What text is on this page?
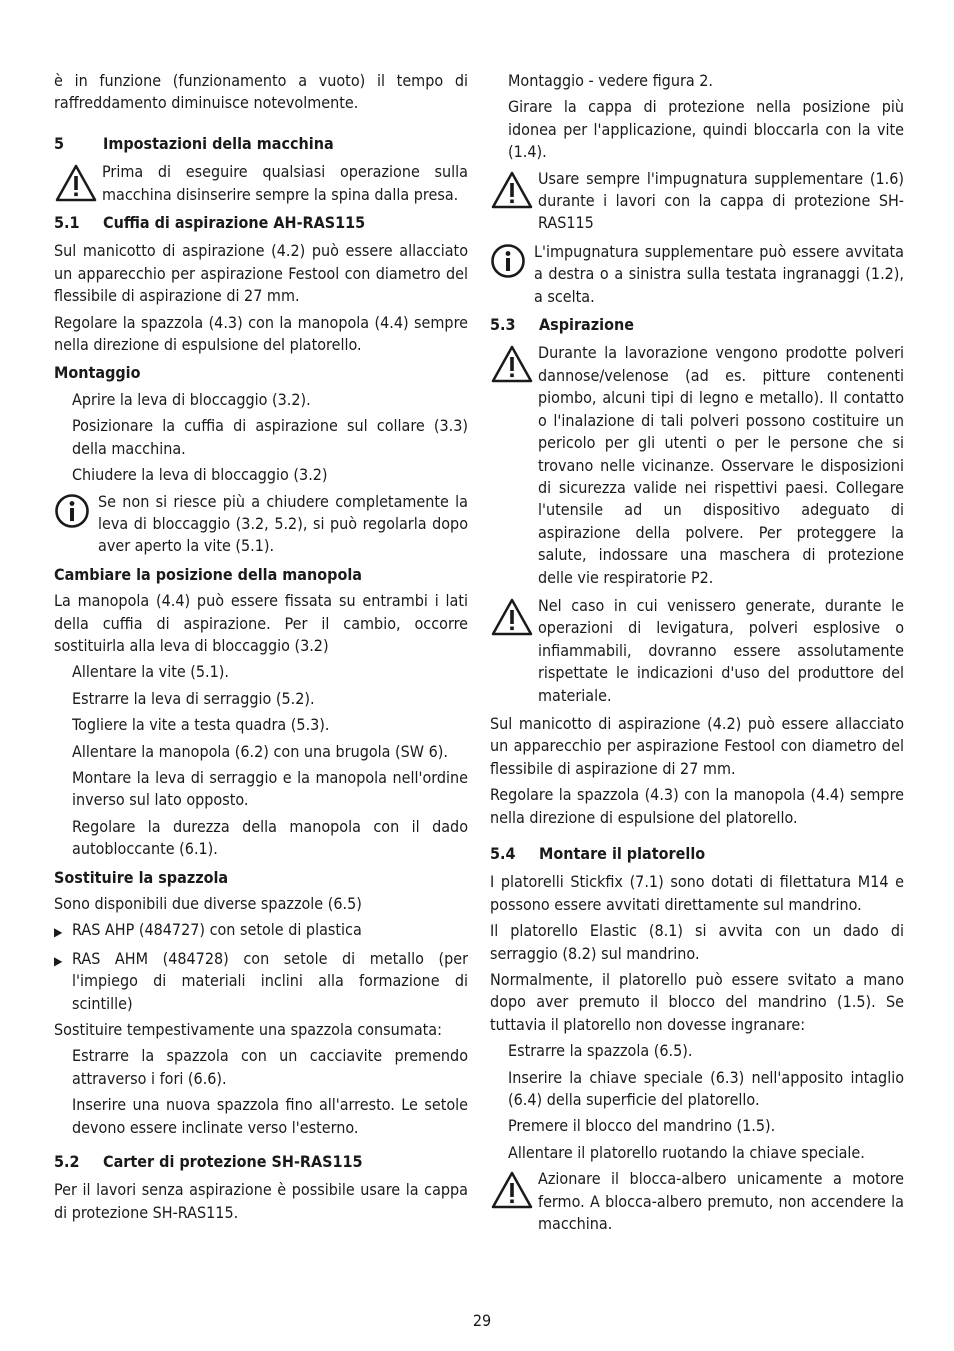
è in funzione (funzionamento a vuoto) il tempo di raffreddamento diminuisce notevolmente.

5 Impostazioni della macchina
Prima di eseguire qualsiasi operazione sulla macchina disinserire sempre la spina dalla presa.
5.1 Cuffia di aspirazione AH-RAS115

Sul manicotto di aspirazione (4.2) può essere allacciato un apparecchio per aspirazione Festool con diametro del flessibile di aspirazione di 27 mm.

Regolare la spazzola (4.3) con la manopola (4.4) sempre nella direzione di espulsione del platorello.

Montaggio

Aprire la leva di bloccaggio (3.2).

Posizionare la cuffia di aspirazione sul collare (3.3) della macchina.

Chiudere la leva di bloccaggio (3.2)

Se non si riesce più a chiudere completamente la leva di bloccaggio (3.2, 5.2), si può regolarla dopo aver aperto la vite (5.1).
Cambiare la posizione della manopola

La manopola (4.4) può essere fissata su entrambi i lati della cuffia di aspirazione. Per il cambio, occorre sostituirla alla leva di bloccaggio (3.2)

Allentare la vite (5.1).

Estrarre la leva di serraggio (5.2).

Togliere la vite a testa quadra (5.3).

Allentare la manopola (6.2) con una brugola (SW 6).

Montare la leva di serraggio e la manopola nell'ordine inverso sul lato opposto.

Regolare la durezza della manopola con il dado autobloccante (6.1).

Sostituire la spazzola

Sono disponibili due diverse spazzole (6.5)

▶ RAS AHP (484727) con setole di plastica
▶ RAS AHM (484728) con setole di metallo (per l'impiego di materiali inclini alla formazione di scintille)

Sostituire tempestivamente una spazzola consumata:

Estrarre la spazzola con un cacciavite premendo attraverso i fori (6.6).

Inserire una nuova spazzola fino all'arresto. Le setole devono essere inclinate verso l'esterno.

5.2 Carter di protezione SH-RAS115

Per il lavori senza aspirazione è possibile usare la cappa di protezione SH-RAS115.

Montaggio - vedere figura 2.

Girare la cappa di protezione nella posizione più idonea per l'applicazione, quindi bloccarla con la vite (1.4).

Usare sempre l'impugnatura supplementare (1.6) durante i lavori con la cappa di protezione SH-RAS115
L'impugnatura supplementare può essere avvitata a destra o a sinistra sulla testata ingranaggi (1.2), a scelta.
5.3 Aspirazione
Durante la lavorazione vengono prodotte polveri dannose/velenose (ad es. pitture contenenti piombo, alcuni tipi di legno e metallo). Il contatto o l'inalazione di tali polveri possono costituire un pericolo per gli utenti o per le persone che si trovano nelle vicinanze. Osservare le disposizioni di sicurezza valide nei rispettivi paesi. Collegare l'utensile ad un dispositivo adeguato di aspirazione della polvere. Per proteggere la salute, indossare una maschera di protezione delle vie respiratorie P2.
Nel caso in cui venissero generate, durante le operazioni di levigatura, polveri esplosive o infiammabili, dovranno essere assolutamente rispettate le indicazioni d'uso del produttore del materiale.

Sul manicotto di aspirazione (4.2) può essere allacciato un apparecchio per aspirazione Festool con diametro del flessibile di aspirazione di 27 mm.

Regolare la spazzola (4.3) con la manopola (4.4) sempre nella direzione di espulsione del platorello.

5.4 Montare il platorello

I platorelli Stickfix (7.1) sono dotati di filettatura M14 e possono essere avvitati direttamente sul mandrino.

Il platorello Elastic (8.1) si avvita con un dado di serraggio (8.2) sul mandrino.

Normalmente, il platorello può essere svitato a mano dopo aver premuto il blocco del mandrino (1.5). Se tuttavia il platorello non dovesse ingranare:

Estrarre la spazzola (6.5).

Inserire la chiave speciale (6.3) nell'apposito intaglio (6.4) della superficie del platorello.

Premere il blocco del mandrino (1.5).

Allentare il platorello ruotando la chiave speciale.

Azionare il blocca-albero unicamente a motore fermo. A blocca-albero premuto, non accendere la macchina.
29
